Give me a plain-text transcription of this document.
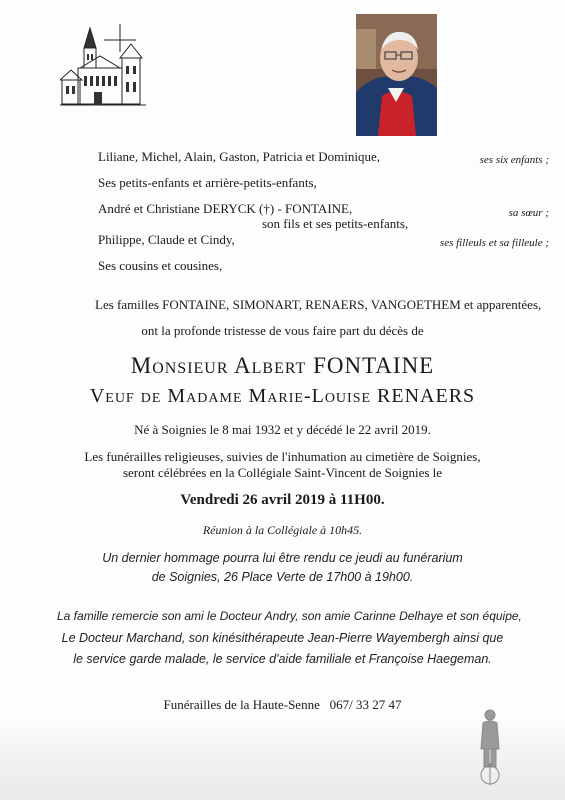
Liliane, Michel, Alain, Gaston, Patricia et Dominique,	ses six enfants ;
Ses petits-enfants et arrière-petits-enfants,
André et Christiane DERYCK (†) - FONTAINE,	sa sœur ;
son fils et ses petits-enfants,
Philippe, Claude et Cindy,	ses filleuls et sa filleule ;
Ses cousins et cousines,
Les familles FONTAINE, SIMONART, RENAERS, VANGOETHEM et apparentées,
ont la profonde tristesse de vous faire part du décès de
Monsieur Albert FONTAINE
Veuf de Madame Marie-Louise RENAERS
Né à Soignies le 8 mai 1932 et y décédé le 22 avril 2019.
Les funérailles religieuses, suivies de l'inhumation au cimetière de Soignies,
seront célébrées en la Collégiale Saint-Vincent de Soignies le
Vendredi 26 avril 2019 à 11H00.
Réunion à la Collégiale à 10h45.
Un dernier hommage pourra lui être rendu ce jeudi au funérarium
de Soignies, 26 Place Verte de 17h00 à 19h00.
La famille remercie son ami le Docteur Andry, son amie Carinne Delhaye et son équipe,
Le Docteur Marchand, son kinésithérapeute Jean-Pierre Wayembergh ainsi que
le service garde malade, le service d'aide familiale et Françoise Haegeman.
Funérailles de la Haute-Senne   067/ 33 27 47
